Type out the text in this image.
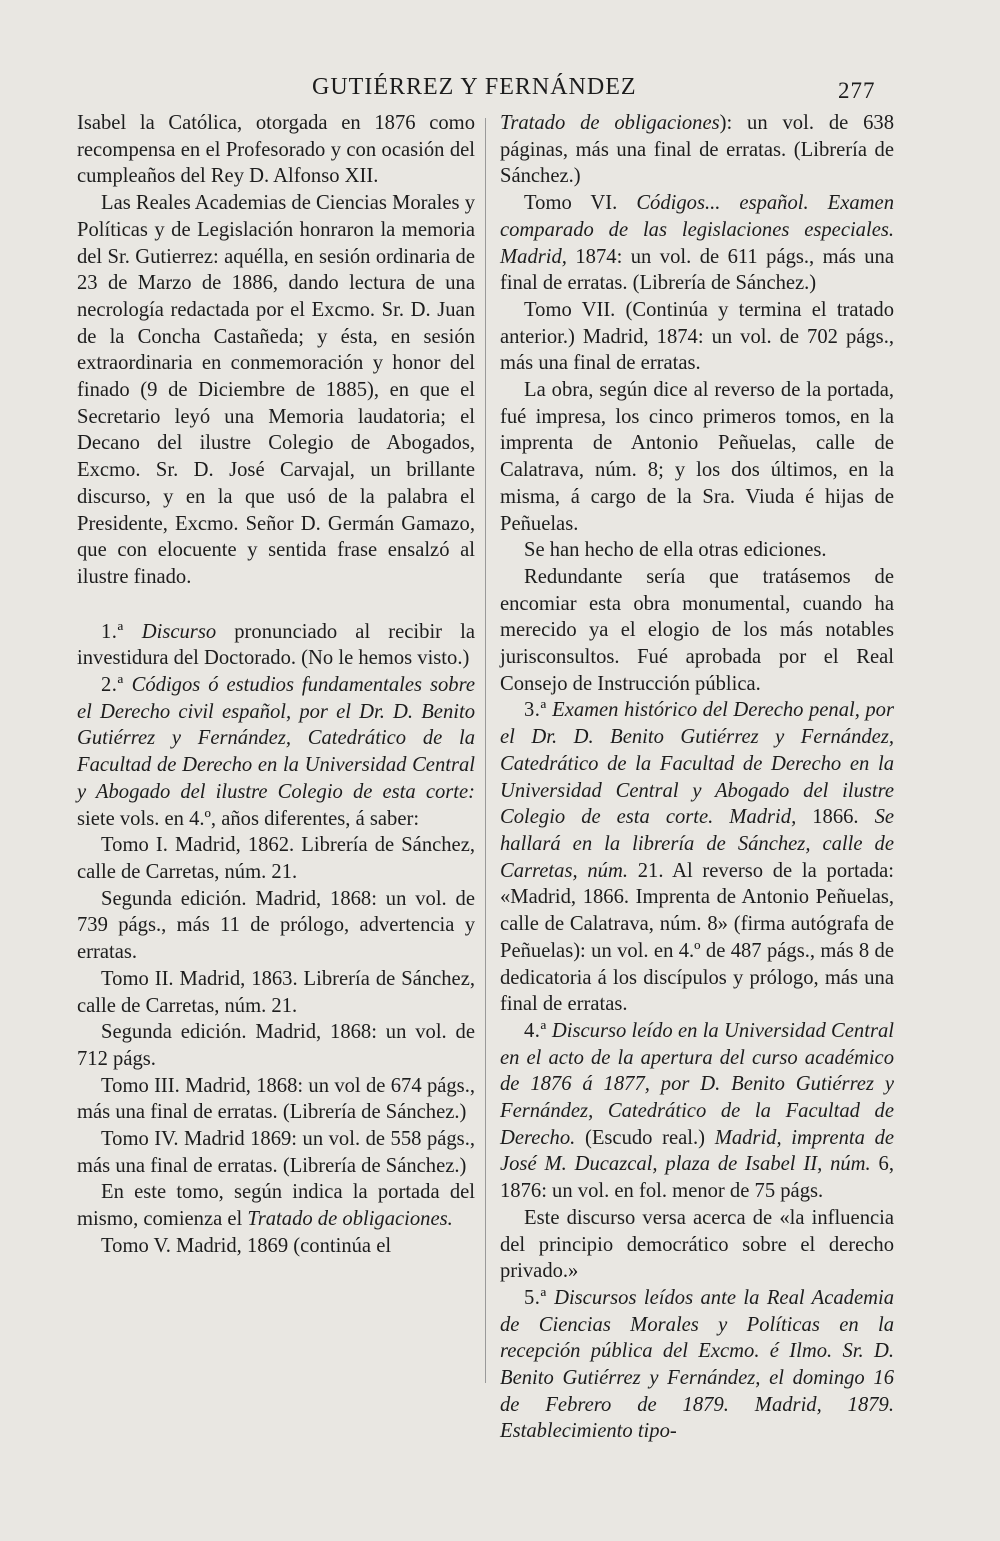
GUTIÉRREZ Y FERNÁNDEZ	277

Isabel la Católica, otorgada en 1876 como recompensa en el Profesorado y con ocasión del cumpleaños del Rey D. Alfonso XII.

Las Reales Academias de Ciencias Morales y Políticas y de Legislación honraron la memoria del Sr. Gutierrez: aquélla, en sesión ordinaria de 23 de Marzo de 1886, dando lectura de una necrología redactada por el Excmo. Sr. D. Juan de la Concha Castañeda; y ésta, en sesión extraordinaria en conmemoración y honor del finado (9 de Diciembre de 1885), en que el Secretario leyó una Memoria laudatoria; el Decano del ilustre Colegio de Abogados, Excmo. Sr. D. José Carvajal, un brillante discurso, y en la que usó de la palabra el Presidente, Excmo. Señor D. Germán Gamazo, que con elocuente y sentida frase ensalzó al ilustre finado.

1.ª Discurso pronunciado al recibir la investidura del Doctorado. (No le hemos visto.)

2.ª Códigos ó estudios fundamentales sobre el Derecho civil español, por el Dr. D. Benito Gutiérrez y Fernández, Catedrático de la Facultad de Derecho en la Universidad Central y Abogado del ilustre Colegio de esta corte: siete vols. en 4.º, años diferentes, á saber:

Tomo I. Madrid, 1862. Librería de Sánchez, calle de Carretas, núm. 21.

Segunda edición. Madrid, 1868: un vol. de 739 págs., más 11 de prólogo, advertencia y erratas.

Tomo II. Madrid, 1863. Librería de Sánchez, calle de Carretas, núm. 21.

Segunda edición. Madrid, 1868: un vol. de 712 págs.

Tomo III. Madrid, 1868: un vol de 674 págs., más una final de erratas. (Librería de Sánchez.)

Tomo IV. Madrid 1869: un vol. de 558 págs., más una final de erratas. (Librería de Sánchez.)

En este tomo, según indica la portada del mismo, comienza el Tratado de obligaciones.

Tomo V. Madrid, 1869 (continúa el

Tratado de obligaciones): un vol. de 638 páginas, más una final de erratas. (Librería de Sánchez.)

Tomo VI. Códigos... español. Examen comparado de las legislaciones especiales. Madrid, 1874: un vol. de 611 págs., más una final de erratas. (Librería de Sánchez.)

Tomo VII. (Continúa y termina el tratado anterior.) Madrid, 1874: un vol. de 702 págs., más una final de erratas.

La obra, según dice al reverso de la portada, fué impresa, los cinco primeros tomos, en la imprenta de Antonio Peñuelas, calle de Calatrava, núm. 8; y los dos últimos, en la misma, á cargo de la Sra. Viuda é hijas de Peñuelas.

Se han hecho de ella otras ediciones.

Redundante sería que tratásemos de encomiar esta obra monumental, cuando ha merecido ya el elogio de los más notables jurisconsultos. Fué aprobada por el Real Consejo de Instrucción pública.

3.ª Examen histórico del Derecho penal, por el Dr. D. Benito Gutiérrez y Fernández, Catedrático de la Facultad de Derecho en la Universidad Central y Abogado del ilustre Colegio de esta corte. Madrid, 1866. Se hallará en la librería de Sánchez, calle de Carretas, núm. 21. Al reverso de la portada: «Madrid, 1866. Imprenta de Antonio Peñuelas, calle de Calatrava, núm. 8» (firma autógrafa de Peñuelas): un vol. en 4.º de 487 págs., más 8 de dedicatoria á los discípulos y prólogo, más una final de erratas.

4.ª Discurso leído en la Universidad Central en el acto de la apertura del curso académico de 1876 á 1877, por D. Benito Gutiérrez y Fernández, Catedrático de la Facultad de Derecho. (Escudo real.) Madrid, imprenta de José M. Ducazcal, plaza de Isabel II, núm. 6, 1876: un vol. en fol. menor de 75 págs.

Este discurso versa acerca de «la influencia del principio democrático sobre el derecho privado.»

5.ª Discursos leídos ante la Real Academia de Ciencias Morales y Políticas en la recepción pública del Excmo. é Ilmo. Sr. D. Benito Gutiérrez y Fernández, el domingo 16 de Febrero de 1879. Madrid, 1879. Establecimiento tipo-
